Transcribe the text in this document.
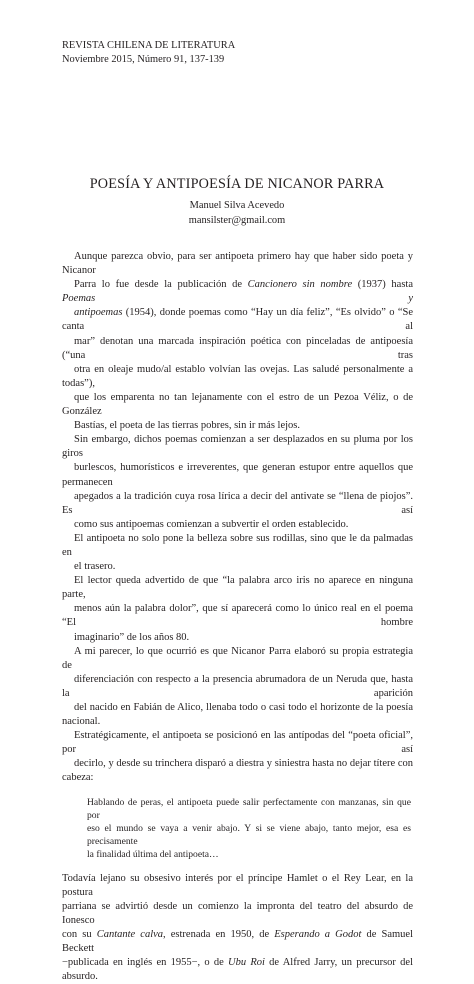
REVISTA CHILENA DE LITERATURA
Noviembre 2015, Número 91, 137-139
POESÍA Y ANTIPOESÍA DE NICANOR PARRA
Manuel Silva Acevedo
mansilster@gmail.com

Aunque parezca obvio, para ser antipoeta primero hay que haber sido poeta y Nicanor
Parra lo fue desde la publicación de Cancionero sin nombre (1937) hasta Poemas y
antipoemas (1954), donde poemas como “Hay un día feliz”, “Es olvido” o “Se canta al
mar” denotan una marcada inspiración poética con pinceladas de antipoesía (“una tras
otra en oleaje mudo/al establo volvían las ovejas. Las saludé personalmente a todas”),
que los emparenta no tan lejanamente con el estro de un Pezoa Véliz, o de González
Bastías, el poeta de las tierras pobres, sin ir más lejos.

Sin embargo, dichos poemas comienzan a ser desplazados en su pluma por los giros
burlescos, humorísticos e irreverentes, que generan estupor entre aquellos que permanecen
apegados a la tradición cuya rosa lírica a decir del antivate se “llena de piojos”. Es así
como sus antipoemas comienzan a subvertir el orden establecido.

El antipoeta no solo pone la belleza sobre sus rodillas, sino que le da palmadas en
el trasero.

El lector queda advertido de que “la palabra arco iris no aparece en ninguna parte,
menos aún la palabra dolor”, que sí aparecerá como lo único real en el poema “El hombre
imaginario” de los años 80.

A mi parecer, lo que ocurrió es que Nicanor Parra elaboró su propia estrategia de
diferenciación con respecto a la presencia abrumadora de un Neruda que, hasta la aparición
del nacido en Fabián de Alico, llenaba todo o casi todo el horizonte de la poesía nacional.
Estratégicamente, el antipoeta se posicionó en las antípodas del “poeta oficial”, por así
decirlo, y desde su trinchera disparó a diestra y siniestra hasta no dejar títere con cabeza:

Hablando de peras, el antipoeta puede salir perfectamente con manzanas, sin que por
eso el mundo se vaya a venir abajo. Y si se viene abajo, tanto mejor, esa es precisamente
la finalidad última del antipoeta…

Todavía lejano su obsesivo interés por el príncipe Hamlet o el Rey Lear, en la postura
parriana se advirtió desde un comienzo la impronta del teatro del absurdo de Ionesco
con su Cantante calva, estrenada en 1950, de Esperando a Godot de Samuel Beckett
−publicada en inglés en 1955−, o de Ubu Roi de Alfred Jarry, un precursor del absurdo.
